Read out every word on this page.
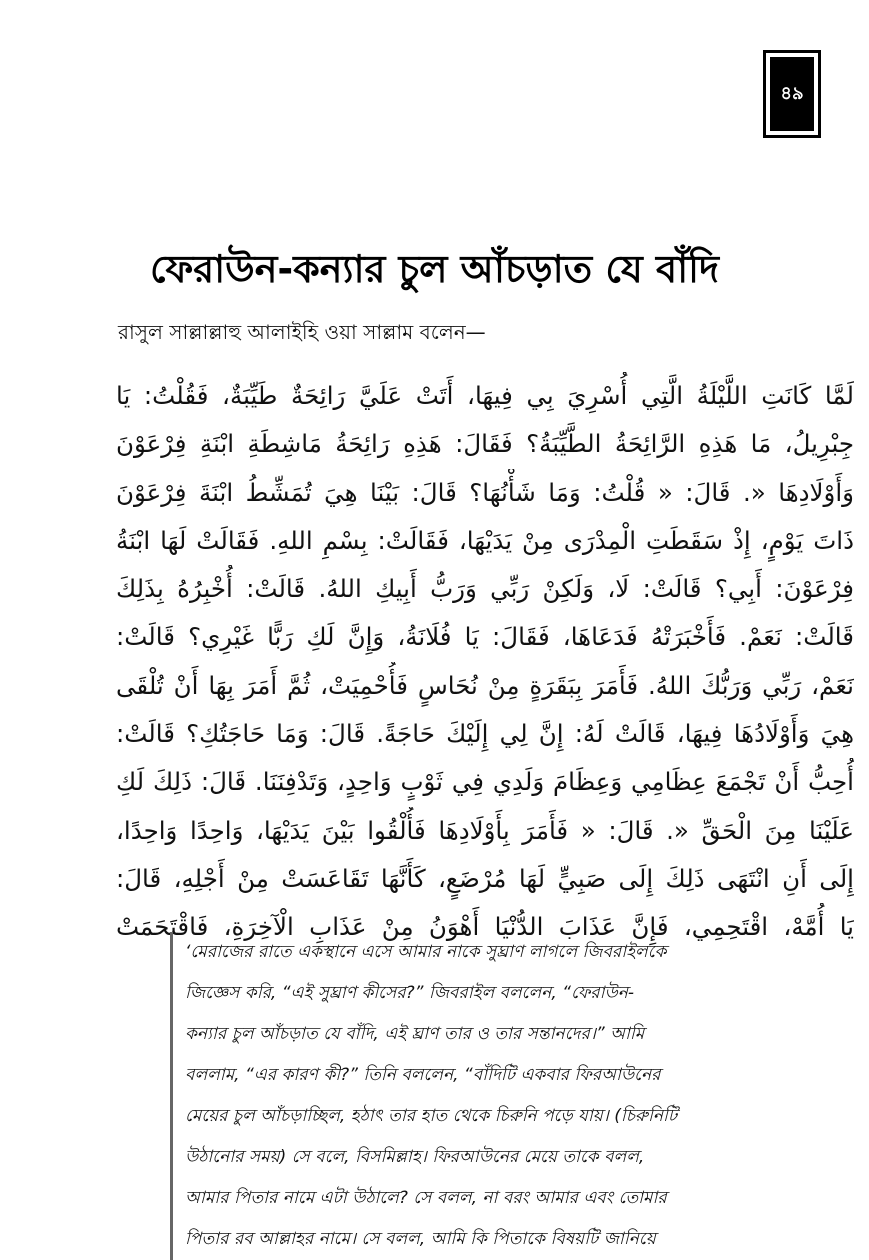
৪৯
ফেরাউন-কন্যার চুল আঁচড়াত যে বাঁদি
রাসুল সাল্লাল্লাহু আলাইহি ওয়া সাল্লাম বলেন—
لَمَّا كَانَتِ اللَّيْلَةُ الَّتِي أُسْرِيَ بِي فِيهَا، أَتَتْ عَلَيَّ رَائِحَةٌ طَيِّبَةٌ، فَقُلْتُ: يَا
جِبْرِيلُ، مَا هَذِهِ الرَّائِحَةُ الطَّيِّبَةُ؟ فَقَالَ: هَذِهِ رَائِحَةُ مَاشِطَةِ ابْنَةِ فِرْعَوْنَ
وَأَوْلَادِهَا «. قَالَ: « قُلْتُ: وَمَا شَأْنُهَا؟ قَالَ: بَيْنَا هِيَ تُمَشِّطُ ابْنَةَ فِرْعَوْنَ
ذَاتَ يَوْمٍ، إِذْ سَقَطَتِ الْمِدْرَى مِنْ يَدَيْهَا، فَقَالَتْ: بِسْمِ اللهِ. فَقَالَتْ لَهَا ابْنَةُ
فِرْعَوْنَ: أَبِي؟ قَالَتْ: لَا، وَلَكِنْ رَبِّي وَرَبُّ أَبِيكِ اللهُ. قَالَتْ: أُخْبِرُهُ بِذَلِكَ
قَالَتْ: نَعَمْ. فَأَخْبَرَتْهُ فَدَعَاهَا، فَقَالَ: يَا فُلَانَةُ، وَإِنَّ لَكِ رَبًّا غَيْرِي؟ قَالَتْ:
نَعَمْ، رَبِّي وَرَبُّكَ اللهُ. فَأَمَرَ بِبَقَرَةٍ مِنْ نُحَاسٍ فَأُحْمِيَتْ، ثُمَّ أَمَرَ بِهَا أَنْ تُلْقَى
هِيَ وَأَوْلَادُهَا فِيهَا، قَالَتْ لَهُ: إِنَّ لِي إِلَيْكَ حَاجَةً. قَالَ: وَمَا حَاجَتُكِ؟ قَالَتْ:
أُحِبُّ أَنْ تَجْمَعَ عِظَامِي وَعِظَامَ وَلَدِي فِي ثَوْبٍ وَاحِدٍ، وَتَدْفِنَنَا. قَالَ: ذَلِكَ لَكِ
عَلَيْنَا مِنَ الْحَقِّ «. قَالَ: « فَأَمَرَ بِأَوْلَادِهَا فَأُلْقُوا بَيْنَ يَدَيْهَا، وَاحِدًا وَاحِدًا،
إِلَى أَنِ انْتَهَى ذَلِكَ إِلَى صَبِيٍّ لَهَا مُرْضَعٍ، كَأَنَّهَا تَقَاعَسَتْ مِنْ أَجْلِهِ، قَالَ:
يَا أُمَّهْ، اقْتَحِمِي، فَإِنَّ عَذَابَ الدُّنْيَا أَهْوَنُ مِنْ عَذَابِ الْآخِرَةِ، فَاقْتَحَمَتْ
‘মেরাজের রাতে একস্থানে এসে আমার নাকে সুঘ্রাণ লাগলে জিবরাইলকে
জিজ্ঞেস করি, “এই সুঘ্রাণ কীসের?” জিবরাইল বললেন, “ফেরাউন-
কন্যার চুল আঁচড়াত যে বাঁদি, এই ঘ্রাণ তার ও তার সন্তানদের।” আমি
বললাম, “এর কারণ কী?” তিনি বললেন, “বাঁদিটি একবার ফিরআউনের
মেয়ের চুল আঁচড়াচ্ছিল, হঠাৎ তার হাত থেকে চিরুনি পড়ে যায়। (চিরুনিটি
উঠানোর সময়) সে বলে, বিসমিল্লাহ। ফিরআউনের মেয়ে তাকে বলল,
আমার পিতার নামে এটা উঠালে? সে বলল, না বরং আমার এবং তোমার
পিতার রব আল্লাহর নামে। সে বলল, আমি কি পিতাকে বিষয়টি জানিয়ে
